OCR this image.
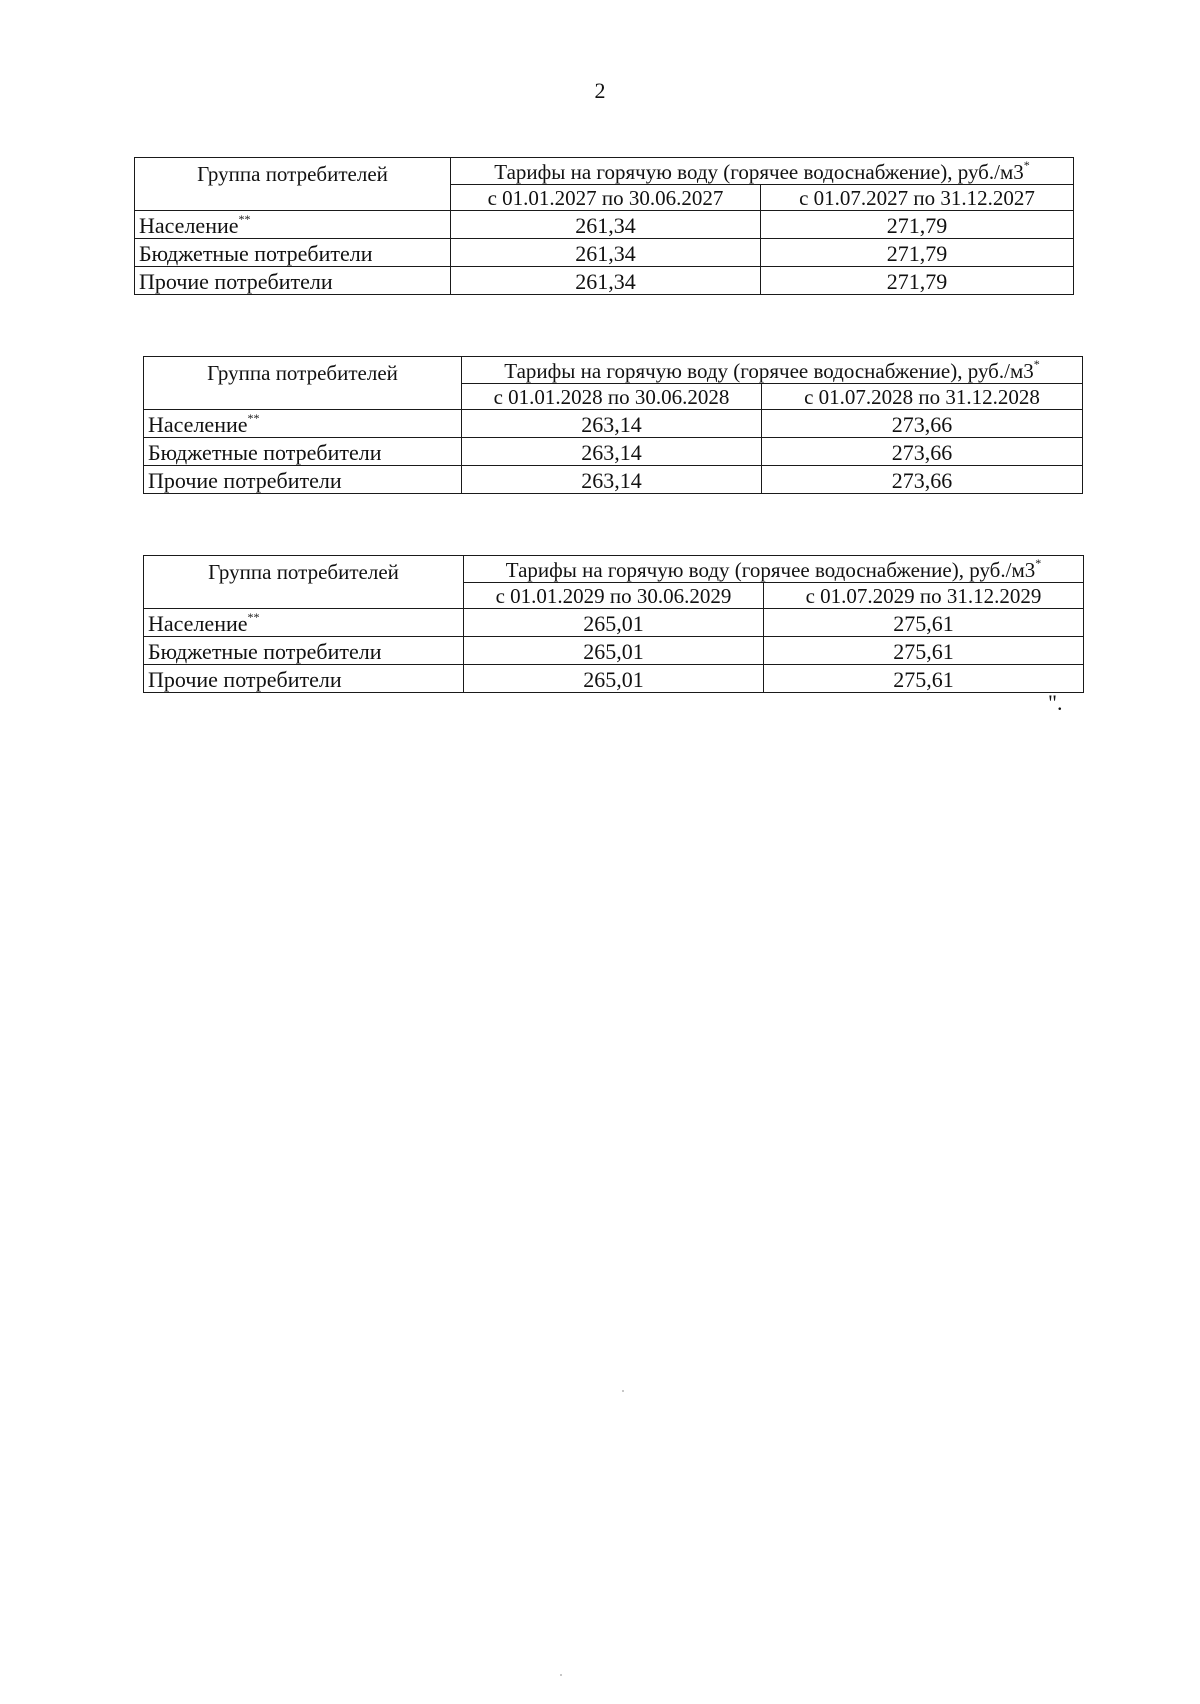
2
Группа потребителей	Тарифы на горячую воду (горячее водоснабжение), руб./м3*
	с 01.01.2027 по 30.06.2027	с 01.07.2027 по 31.12.2027
Население**	261,34	271,79
Бюджетные потребители	261,34	271,79
Прочие потребители	261,34	271,79
Группа потребителей	Тарифы на горячую воду (горячее водоснабжение), руб./м3*
	с 01.01.2028 по 30.06.2028	с 01.07.2028 по 31.12.2028
Население**	263,14	273,66
Бюджетные потребители	263,14	273,66
Прочие потребители	263,14	273,66
Группа потребителей	Тарифы на горячую воду (горячее водоснабжение), руб./м3*
	с 01.01.2029 по 30.06.2029	с 01.07.2029 по 31.12.2029
Население**	265,01	275,61
Бюджетные потребители	265,01	275,61
Прочие потребители	265,01	275,61
".
